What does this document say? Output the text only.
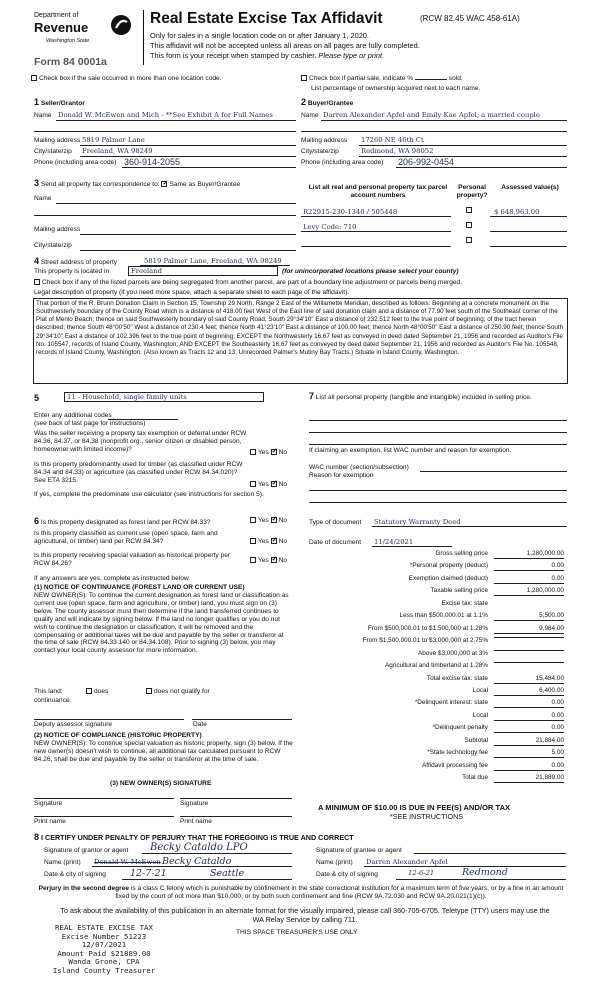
Department of
Revenue
Washington State
Form 84 0001a
Real Estate Excise Tax Affidavit	(RCW 82.45 WAC 458-61A)
Only for sales in a single location code on or after January 1, 2020.
This affidavit will not be accepted unless all areas on all pages are fully completed.
This form is your receipt when stamped by cashier. Please type or print.
Check box if the sale occurred in more than one location code.	Check box if partial sale, indicate %	sold.
List percentage of ownership acquired next to each name.
1 Seller/Grantor
Name Donald W. McEwen and Mich - **See Exhibit A for Full Names
Mailing address 5819 Palmer Lane
City/state/zip Freeland, WA 98249
Phone (including area code) 360-914-2055
2 Buyer/Grantee
Name Darren Alexander Apfel and Emily Kae Apfel, a married couple
Mailing address 17260 NE 46th Ct
City/state/zip	Redmond, WA 98052
Phone (including area code) 206-992-0454
3 Send all property tax correspondence to: ✓ Same as Buyer/Grantee
Name
Mailing address
City/state/zip
List all real and personal property tax parcel account numbers
Personal property?
Assessed value(s)
R22915-230-1340 / 505448	$ 648,963.00
Levy Code: 710
4 Street address of property	5819 Palmer Lane, Freeland, WA 98249
This property is located in	Freeland	(for unincorporated locations please select your county)
Check box if any of the listed parcels are being segregated from another parcel, are part of a boundary line adjustment or parcels being merged.
Legal description of property (if you need more space, attach a separate sheet to each page of the affidavit).
That portion of the R. Brunn Donation Claim in Section 15, Township 29 North, Range 2 East of the Willamette Meridian, described as follows: Beginning at a concrete monument on the Southwesterly boundary of the County Road which is a distance of 418.00 feet West of the East line of said donation claim and a distance of 77.90 feet south of the Southeast corner of the Plat of Menlo Beach; thence on said Southwesterly boundary of said County Road, South 29°34'10" East a distance of 232.512 feet to the true point of beginning; of the tract herein described; thence South 48°00'50" West a distance of 230.4 feet; thence North 41°23'10" East a distance of 100.00 feet; thence North 48°00'50" East a distance of 250.90 feet; thence South 29°34'10" East a distance of 102.396 feet to the true point of beginning; EXCEPT the Northwesterly 16.67 feet as conveyed in deed dated September 21, 1956 and recorded as Auditor's File No. 105547, records of Island County, Washington; AND EXCEPT the Southeasterly 16.67 feet as conveyed by deed dated September 21, 1956 and recorded as Auditor's File No. 105548, records of Island County, Washington. (Also known as Tracts 12 and 13, Unrecorded Palmer's Mutiny Bay Tracts.) Situate in Island County, Washington.
5	11 - Household, single family units
Enter any additional codes
(see back of last page for instructions)
Was the seller receiving a property tax exemption or deferral under RCW 84.36, 84.37, or 84.38 (nonprofit org., senior citizen or disabled person, homeowner with limited income)?	Yes ✓ No
Is this property predominantly used for timber (as classified under RCW 84.34 and 84.33) or agriculture (as classified under RCW 84.34.020)? See ETA 3215.
Yes ✓ No
If yes, complete the predominate use calculator (see instructions for section 5).
6 Is this property designated as forest land per RCW 84.33?	Yes ✓ No
Is this property classified as current use (open space, farm and agricultural, or timber) land per RCW 84.34?	Yes ✓ No
Is this property receiving special valuation as historical property per RCW 84.26?	Yes ✓ No
If any answers are yes, complete as instructed below.
(1) NOTICE OF CONTINUANCE (FOREST LAND OR CURRENT USE)
NEW OWNER(S): To continue the current designation as forest land or classification as current use (open space, farm and agriculture, or timber) land, you must sign on (3) below. The county assessor must then determine if the land transferred continues to qualify and will indicate by signing below. If the land no longer qualifies or you do not wish to continue the designation or classification, it will be removed and the compensating or additional taxes will be due and payable by the seller or transferor at the time of sale (RCW 84.33.140 or 84.34.108). Prior to signing (3) below, you may contact your local county assessor for more information.
This land:	does	does not qualify for
continuance.
Deputy assessor signature	Date
(2) NOTICE OF COMPLIANCE (HISTORIC PROPERTY)
NEW OWNER(S): To continue special valuation as historic property, sign (3) below. If the new owner(s) doesn't wish to continue, all additional tax calculated pursuant to RCW 84.26, shall be due and payable by the seller or transferor at the time of sale.
(3) NEW OWNER(S) SIGNATURE
Signature	Signature
Print name	Print name
7 List all personal property (tangible and intangible) included in selling price.
If claiming an exemption, list WAC number and reason for exemption.
WAC number (section/subsection)
Reason for exemption
Type of document Statutory Warranty Deed
Date of document 11/24/2021
Gross selling price	1,280,000.00
*Personal property (deduct)	0.00
Exemption claimed (deduct)	0.00
Taxable selling price	1,280,000.00
Excise tax: state
Less than $500,000.01 at 1.1%	5,500.00
From $500,000.01 to $1,500,000 at 1.28%	9,984.00
From $1,500,000.01 to $3,000,000 at 2.75%
Above $3,000,000 at 3%
Agricultural and timberland at 1.28%
Total excise tax: state	15,484.00
Local	6,400.00
*Delinquent interest: state	0.00
Local	0.00
*Delinquent penalty	0.00
Subtotal	21,884.00
*State technology fee	5.00
Affidavit processing fee	0.00
Total due	21,889.00
A MINIMUM OF $10.00 IS DUE IN FEE(S) AND/OR TAX
*SEE INSTRUCTIONS
8 I CERTIFY UNDER PENALTY OF PERJURY THAT THE FOREGOING IS TRUE AND CORRECT
Signature of grantor or agent Becky Cataldo LPO
Name (print) Donald W. McEwen Becky Cataldo
Date & city of signing	12-7-21	Seattle
Signature of grantee or agent
Name (print) Darren Alexander Apfel
Date & city of signing	12-6-21	Redmond
Perjury in the second degree is a class C felony which is punishable by confinement in the state correctional institution for a maximum term of five years, or by a fine in an amount fixed by the court of not more than $10,000, or by both such confinement and fine (RCW 9A.72.030 and RCW 9A.20.021(1)(c)).
To ask about the availability of this publication in an alternate format for the visually impaired, please call 360-705-6705. Teletype (TTY) users may use the WA Relay Service by calling 711.
THIS SPACE TREASURER'S USE ONLY
REAL ESTATE EXCISE TAX
Excise Number 51223
12/07/2021
Amount Paid $21889.00
Wanda Grone, CPA
Island County Treasurer
